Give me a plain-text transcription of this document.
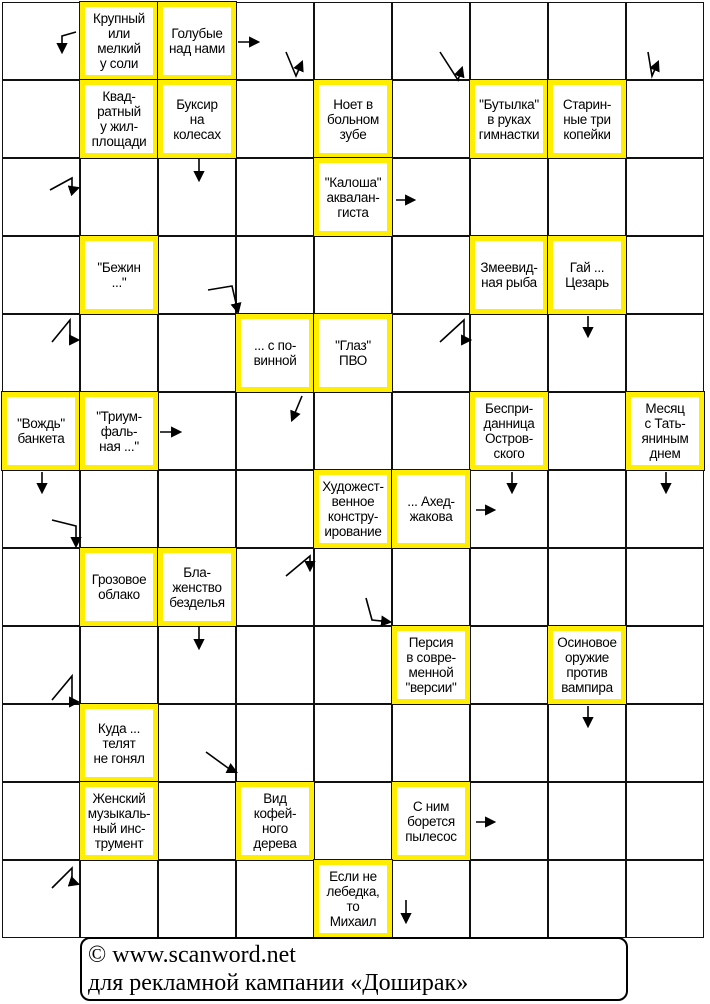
Крупный
или
мелкий
у соли
Голубые
над нами
Квад-
ратный
у жил-
площади
Буксир
на
колесах
Ноет в
больном
зубе
"Бутылка"
в руках
гимнастки
Старин-
ные три
копейки
"Калоша"
аквалан-
гиста
"Бежин
..."
Змеевид-
ная рыба
Гай ...
Цезарь
... с по-
винной
"Глаз"
ПВО
"Вождь"
банкета
"Триум-
фаль-
ная ..."
Беспри-
данница
Остров-
ского
Месяц
с Тать-
яниным
днем
Художест-
венное
констру-
ирование
... Ахед-
жакова
Грозовое
облако
Бла-
женство
безделья
Персия
в совре-
менной
"версии"
Осиновое
оружие
против
вампира
Куда ...
телят
не гонял
Женский
музыкаль-
ный инс-
трумент
Вид
кофей-
ного
дерева
С ним
борется
пылесос
Если не
лебедка,
то
Михаил
© www.scanword.net
для рекламной кампании «Доширак»
